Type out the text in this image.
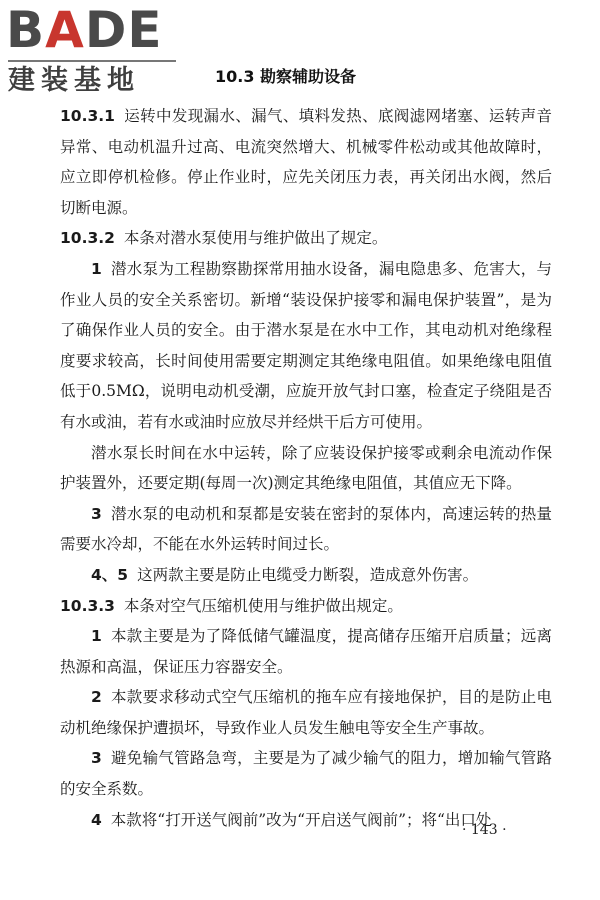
BADE
建装基地	10.3 勘察辅助设备

10.3.1 运转中发现漏水、漏气、填料发热、底阀滤网堵塞、运转声音异常、电动机温升过高、电流突然增大、机械零件松动或其他故障时，应立即停机检修。停止作业时，应先关闭压力表，再关闭出水阀，然后切断电源。

10.3.2 本条对潜水泵使用与维护做出了规定。

1 潜水泵为工程勘察勘探常用抽水设备，漏电隐患多、危害大，与作业人员的安全关系密切。新增“装设保护接零和漏电保护装置”，是为了确保作业人员的安全。由于潜水泵是在水中工作，其电动机对绝缘程度要求较高，长时间使用需要定期测定其绝缘电阻值。如果绝缘电阻值低于0.5MΩ，说明电动机受潮，应旋开放气封口塞，检查定子绕阻是否有水或油，若有水或油时应放尽并经烘干后方可使用。

潜水泵长时间在水中运转，除了应装设保护接零或剩余电流动作保护装置外，还要定期(每周一次)测定其绝缘电阻值，其值应无下降。

3 潜水泵的电动机和泵都是安装在密封的泵体内，高速运转的热量需要水冷却，不能在水外运转时间过长。

4、5 这两款主要是防止电缆受力断裂，造成意外伤害。

10.3.3 本条对空气压缩机使用与维护做出规定。

1 本款主要是为了降低储气罐温度，提高储存压缩开启质量；远离热源和高温，保证压力容器安全。

2 本款要求移动式空气压缩机的拖车应有接地保护，目的是防止电动机绝缘保护遭损坏，导致作业人员发生触电等安全生产事故。

3 避免输气管路急弯，主要是为了减少输气的阻力，增加输气管路的安全系数。

4 本款将“打开送气阀前”改为“开启送气阀前”；将“出口处

· 143 ·
